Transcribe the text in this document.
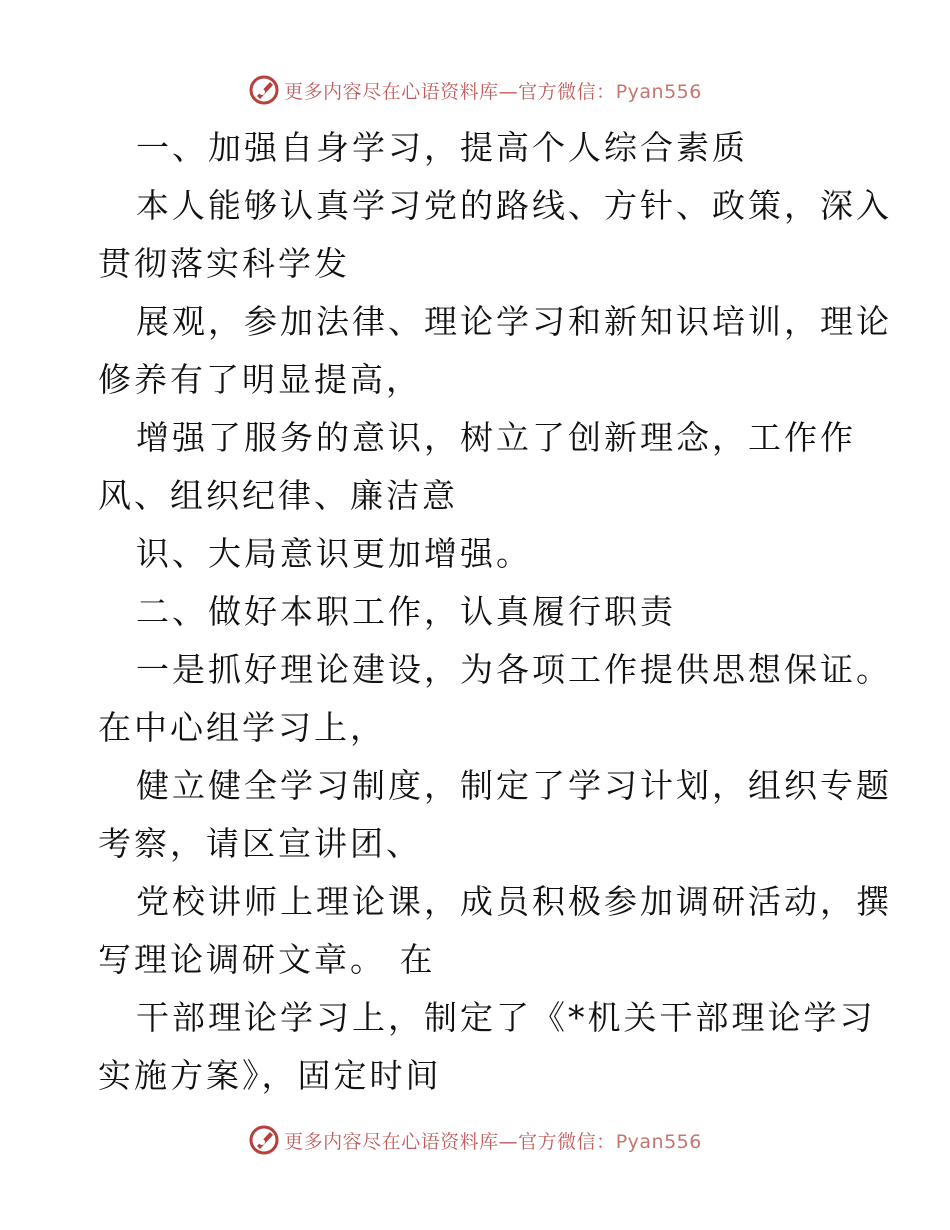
更多内容尽在心语资料库—官方微信：Pyan556
一、加强自身学习，提高个人综合素质
本人能够认真学习党的路线、方针、政策，深入
贯彻落实科学发
展观，参加法律、理论学习和新知识培训，理论
修养有了明显提高，
增强了服务的意识，树立了创新理念，工作作
风、组织纪律、廉洁意
识、大局意识更加增强。
二、做好本职工作，认真履行职责
一是抓好理论建设，为各项工作提供思想保证。
在中心组学习上，
健立健全学习制度，制定了学习计划，组织专题
考察，请区宣讲团、
党校讲师上理论课，成员积极参加调研活动，撰
写理论调研文章。 在
干部理论学习上，制定了《*机关干部理论学习
实施方案》，固定时间
更多内容尽在心语资料库—官方微信：Pyan556
